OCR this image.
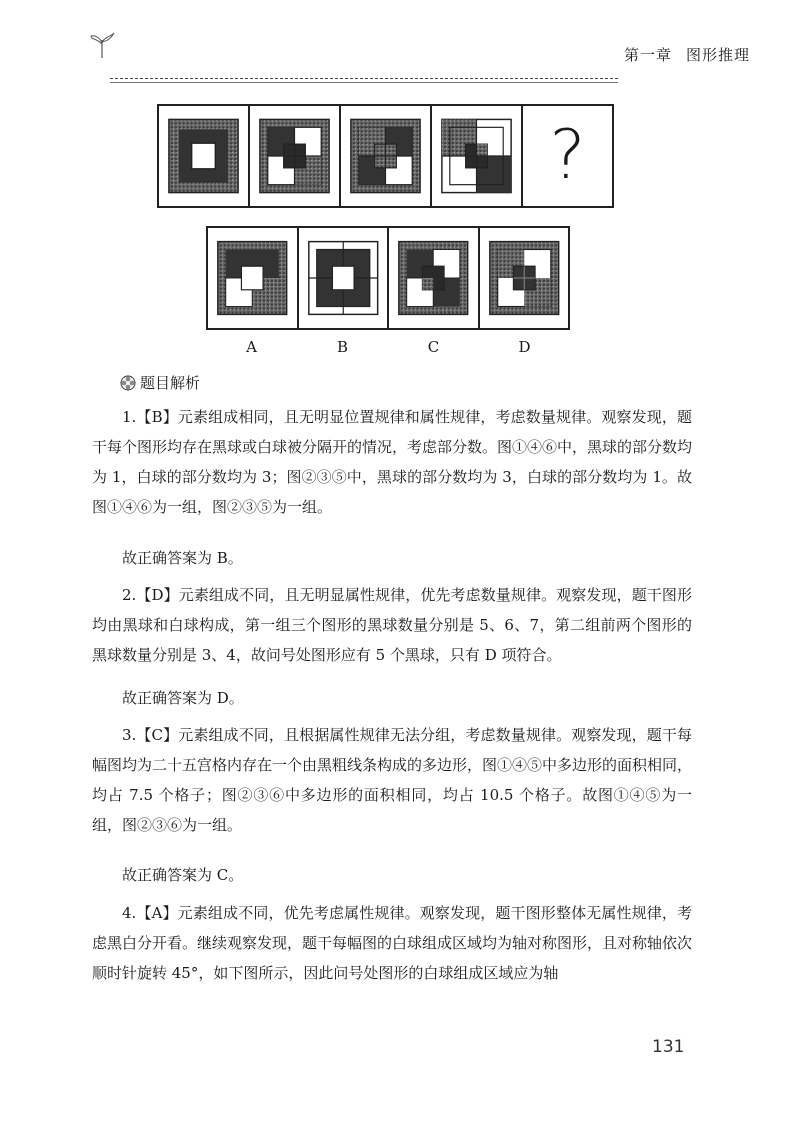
第一章 图形推理
?
A	B	C	D
题目解析

1.【B】元素组成相同，且无明显位置规律和属性规律，考虑数量规律。观察发现，题干每个图形均存在黑球或白球被分隔开的情况，考虑部分数。图①④⑥中，黑球的部分数均为 1，白球的部分数均为 3；图②③⑤中，黑球的部分数均为 3，白球的部分数均为 1。故图①④⑥为一组，图②③⑤为一组。

故正确答案为 B。

2.【D】元素组成不同，且无明显属性规律，优先考虑数量规律。观察发现，题干图形均由黑球和白球构成，第一组三个图形的黑球数量分别是 5、6、7，第二组前两个图形的黑球数量分别是 3、4，故问号处图形应有 5 个黑球，只有 D 项符合。

故正确答案为 D。

3.【C】元素组成不同，且根据属性规律无法分组，考虑数量规律。观察发现，题干每幅图均为二十五宫格内存在一个由黑粗线条构成的多边形，图①④⑤中多边形的面积相同，均占 7.5 个格子；图②③⑥中多边形的面积相同，均占 10.5 个格子。故图①④⑤为一组，图②③⑥为一组。

故正确答案为 C。

4.【A】元素组成不同，优先考虑属性规律。观察发现，题干图形整体无属性规律，考虑黑白分开看。继续观察发现，题干每幅图的白球组成区域均为轴对称图形，且对称轴依次顺时针旋转 45°，如下图所示，因此问号处图形的白球组成区域应为轴

131
